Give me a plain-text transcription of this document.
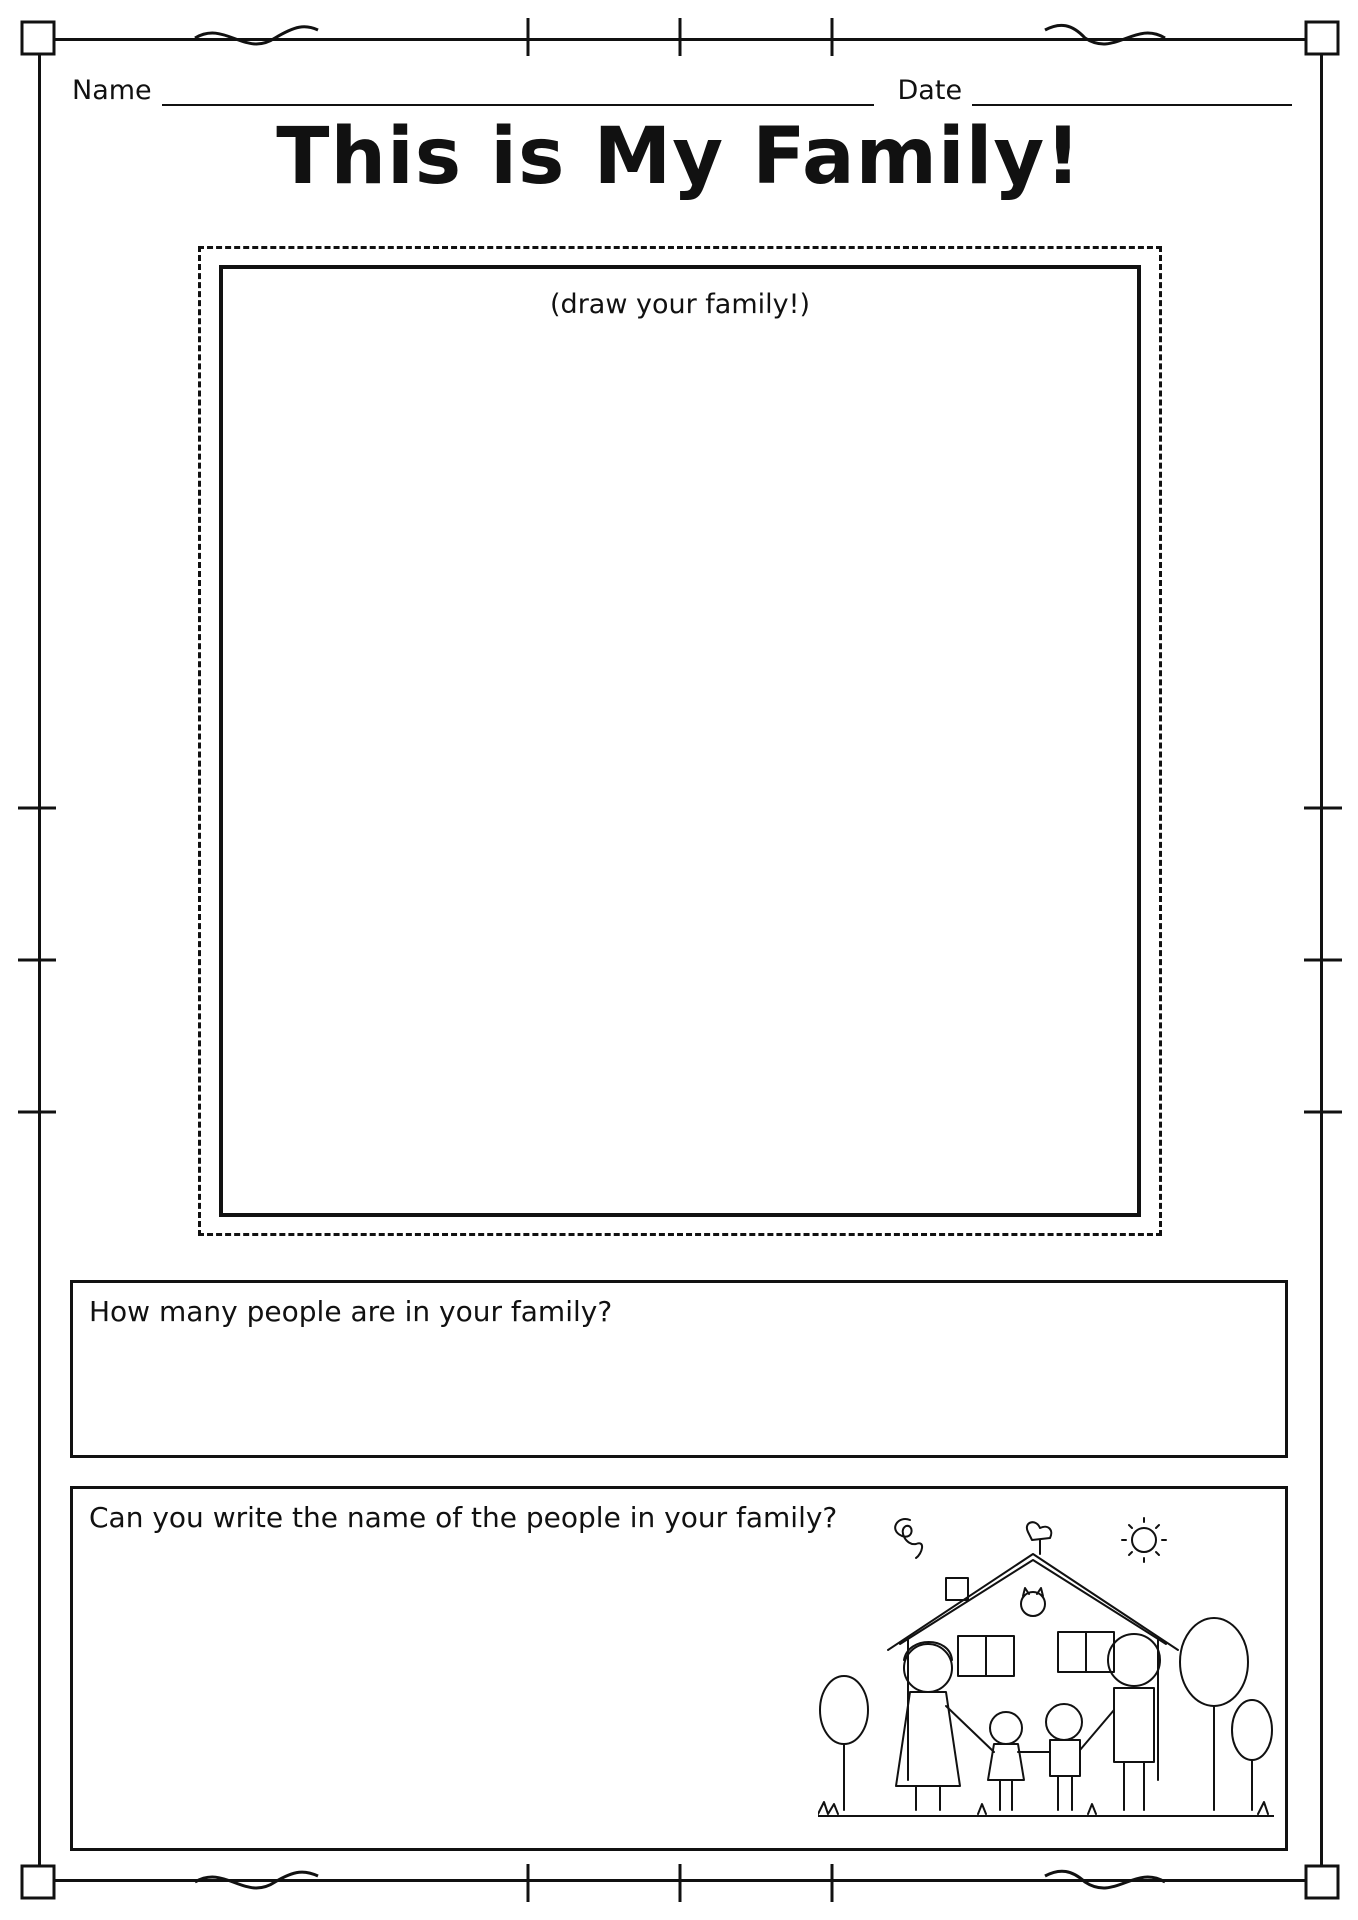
Name	Date
This is My Family!
(draw your family!)
How many people are in your family?
Can you write the name of the people in your family?
